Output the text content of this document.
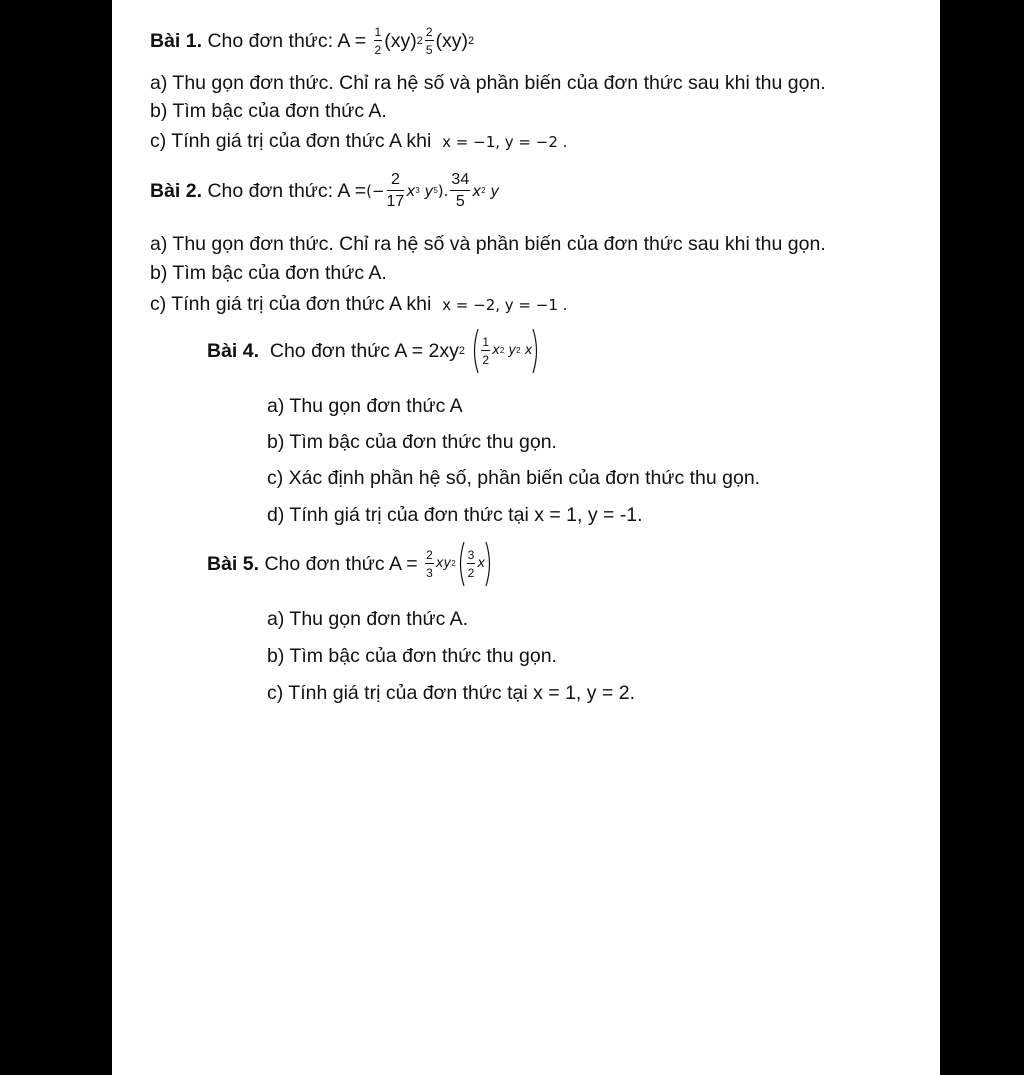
Bài 1.
Cho đơn thức: A =
$\frac{1}{2} (xy)$ $2 \frac{2}{5} (xy)$ 2
a) Thu gọn đơn thức. Chỉ ra hệ số và phần biến của đơn thức sau khi thu gọn.
b) Tìm bậc của đơn thức A.
c) Tính giá trị của đơn thức A khi x = −1, y = −2 .
Bài 2.
Cho đơn thức: A = (− $\frac{2}{17}$ x 3
y 5 ). $\frac{34}{5}$ x 2
y
a) Thu gọn đơn thức. Chỉ ra hệ số và phần biến của đơn thức sau khi thu gọn.
b) Tìm bậc của đơn thức A.
c) Tính giá trị của đơn thức A khi x = −2, y = −1 .
Bài 4.
Cho đơn thức A = 2xy 2
$\frac{1}{2}$ x 2
y 2
x
a) Thu gọn đơn thức A
b) Tìm bậc của đơn thức thu gọn.
c) Xác định phần hệ số, phần biến của đơn thức thu gọn.
d) Tính giá trị của đơn thức tại x = 1, y = -1.
Bài 5.
Cho đơn thức A =
$\frac{2}{3}$ xy $2 \frac{3}{2}$ x
a) Thu gọn đơn thức A.
b) Tìm bậc của đơn thức thu gọn.
c) Tính giá trị của đơn thức tại x = 1, y = 2.
